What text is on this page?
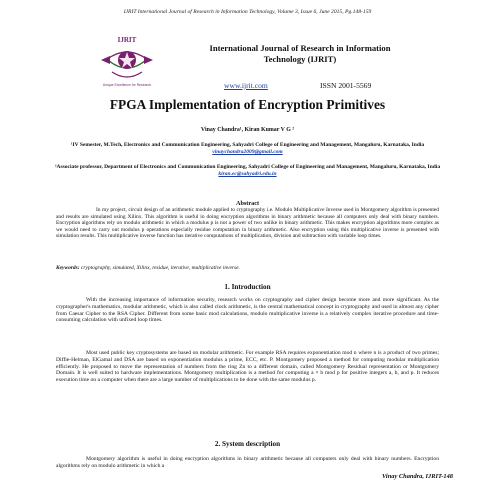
IJRIT International Journal of Research in Information Technology, Volume 3, Issue 6, June 2015, Pg.148-159
IJRIT
Unique Excellence for Research
International Journal of Research in Information Technology (IJRIT)
www.ijrit.com	ISSN 2001-5569
FPGA Implementation of Encryption Primitives
Vinay Chandra¹, Kiran Kumar V G ²
¹IV Semester, M.Tech, Electronics and Communication Engineering, Sahyadri College of Engineering and Management, Mangaluru, Karnataka, India
vinaychandra2009@gmail.com
²Associate professor, Department of Electronics and Communication Engineering, Sahyadri College of Engineering and Management, Mangaluru, Karnataka, India
kiran.ec@sahyadri.edu.in
Abstract
In my project, circuit design of an arithmetic module applied to cryptography i.e. Modulo Multiplicative Inverse used in Montgomery algorithm is presented and results are simulated using Xilinx. This algorithm is useful in doing encryption algorithms in binary arithmetic because all computers only deal with binary numbers. Encryption algorithms rely on modulo arithmetic in which a modulus p is not a power of two unlike in binary arithmetic. This makes encryption algorithms more complex as we would need to carry out modulus p operations especially residue computation in binary arithmetic. Also encryption using this multiplicative inverse is presented with simulation results. This multiplicative inverse function has iterative computations of multiplication, division and subtraction with variable loop times.
Keywords: cryptography, simulated, Xilinx, residue, iterative, multiplicative inverse.
1. Introduction
With the increasing importance of information security, research works on cryptography and cipher design become more and more significant. As the cryptographer's mathematics, modular arithmetic, which is also called clock arithmetic, is the central mathematical concept in cryptography and used in almost any cipher from Caesar Cipher to the RSA Cipher. Different from some basic mod calculations, modulo multiplicative inverse is a relatively complex iterative procedure and time-consuming calculation with unfixed loop times.
Most used public key cryptosystems are based on modular arithmetic. For example RSA requires exponentiation mod n where n is a product of two primes; Diffie-Helman, ElGamal and DSA are based on exponentiation modulus a prime, ECC, etc. P. Montgomery proposed a method for computing modular multiplication efficiently. He proposed to move the representation of numbers from the ring Zn to a different domain, called Montgomery Residual representation or Montgomery Domain. It is well suited to hardware implementations. Montgomery multiplication is a method for computing a × b mod p for positive integers a, b, and p. It reduces execution time on a computer when there are a large number of multiplications to be done with the same modulus p.
2. System description
Montgomery algorithm is useful in doing encryption algorithms in binary arithmetic because all computers only deal with binary numbers. Encryption algorithms rely on modulo arithmetic in which a
Vinay Chandra, IJRIT-148
